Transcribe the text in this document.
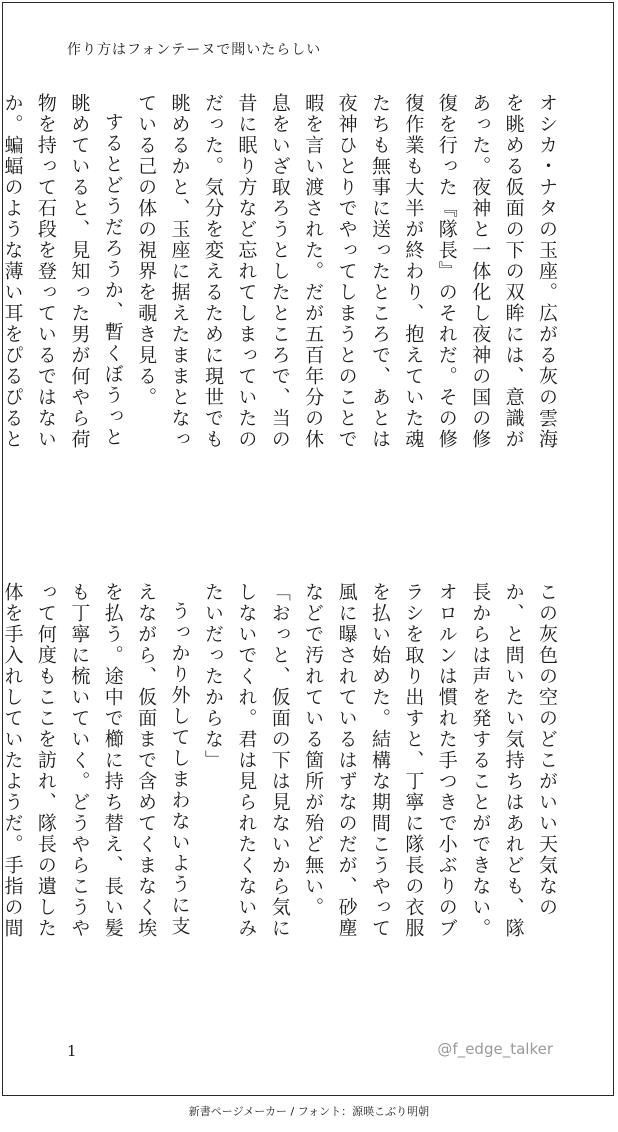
作り方はフォンテーヌで聞いたらしい

オシカ・ナタの玉座。広がる灰の雲海を眺める仮面の下の双眸には、意識があった。夜神と一体化し夜神の国の修復を行った『隊長』のそれだ。その修復作業も大半が終わり、抱えていた魂たちも無事に送ったところで、あとは夜神ひとりでやってしまうとのことで暇を言い渡された。だが五百年分の休息をいざ取ろうとしたところで、当の昔に眠り方など忘れてしまっていたのだった。気分を変えるために現世でも眺めるかと、玉座に据えたままとなっている己の体の視界を覗き見る。

するとどうだろうか、暫くぼうっと眺めていると、見知った男が何やら荷物を持って石段を登っているではないか。蝙蝠のような薄い耳をぴるぴると

この灰色の空のどこがいい天気なのか、と問いたい気持ちはあれども、隊長からは声を発することができない。オロルンは慣れた手つきで小ぶりのブラシを取り出すと、丁寧に隊長の衣服を払い始めた。結構な期間こうやって風に曝されているはずなのだが、砂塵などで汚れている箇所が殆ど無い。

「おっと、仮面の下は見ないから気にしないでくれ。君は見られたくないみたいだったからな」

うっかり外してしまわないように支えながら、仮面まで含めてくまなく埃を払う。途中で櫛に持ち替え、長い髪も丁寧に梳いていく。どうやらこうやって何度もここを訪れ、隊長の遺した体を手入れしていたようだ。手指の間

1	@f_edge_talker
新書ページメーカー / フォント：源暎こぶり明朝
